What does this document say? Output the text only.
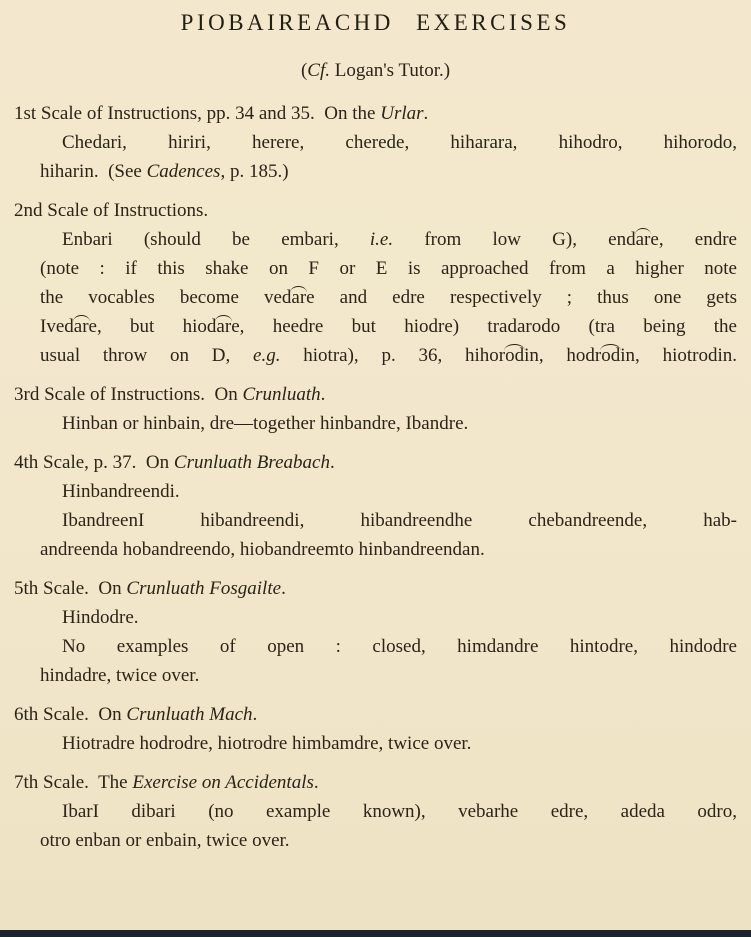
PIOBAIREACHD EXERCISES
(Cf. Logan's Tutor.)
1st Scale of Instructions, pp. 34 and 35.  On the Urlar.
Chedari, hiriri, herere, cherede, hiharara, hihodro, hihorodo,
hiharin.  (See Cadences, p. 185.)
2nd Scale of Instructions.
Enbari (should be embari, i.e. from low G), endare, endre
(note : if this shake on F or E is approached from a higher note
the vocables become vedare and edre respectively ; thus one gets
Ivedare, but hiodare, heedre but hiodre) tradarodo (tra being the
usual throw on D, e.g. hiotra), p. 36, hihorodin, hodrodin, hiotrodin.
3rd Scale of Instructions.  On Crunluath.
Hinban or hinbain, dre—together hinbandre, Ibandre.
4th Scale, p. 37.  On Crunluath Breabach.
Hinbandreendi.
IbandreenI hibandreendi, hibandreendhe chebandreende, hab-
andreenda hobandreendo, hiobandreemto hinbandreendan.
5th Scale.  On Crunluath Fosgailte.
Hindodre.
No examples of open : closed, himdandre hintodre, hindodre
hindadre, twice over.
6th Scale.  On Crunluath Mach.
Hiotradre hodrodre, hiotrodre himbamdre, twice over.
7th Scale.  The Exercise on Accidentals.
IbarI dibari (no example known), vebarhe edre, adeda odro,
otro enban or enbain, twice over.
